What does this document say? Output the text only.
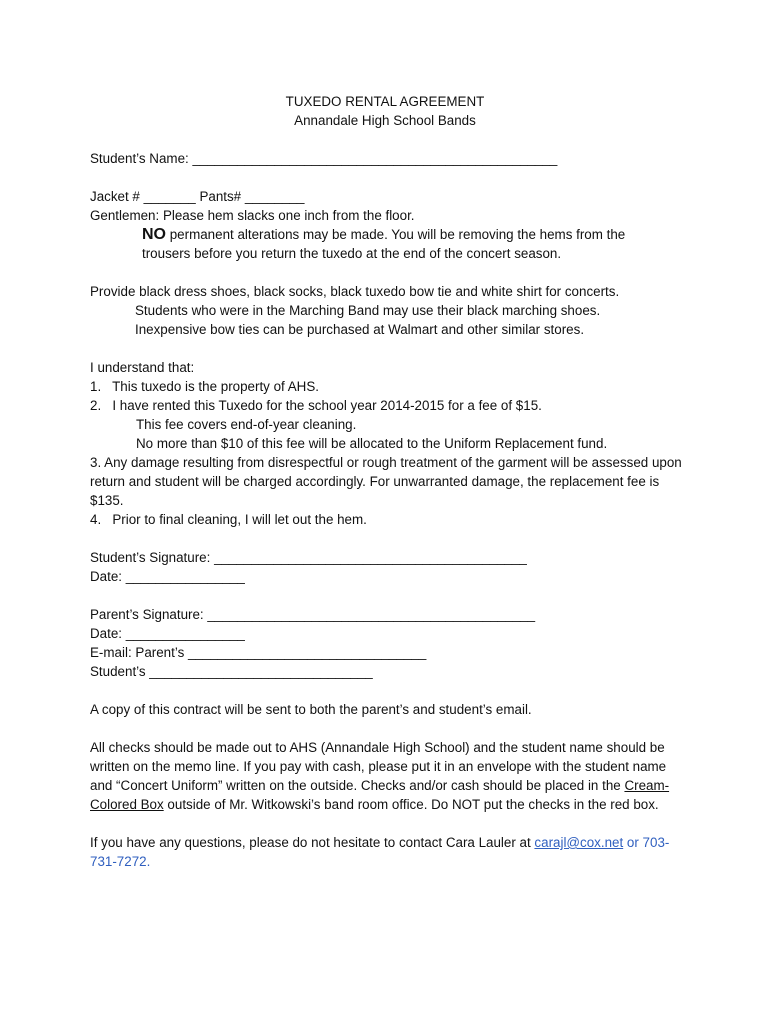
TUXEDO RENTAL AGREEMENT
Annandale High School Bands
Student’s Name: _________________________________________________
Jacket # _______ Pants# ________
Gentlemen: Please hem slacks one inch from the floor.
NO permanent alterations may be made. You will be removing the hems from the
trousers before you return the tuxedo at the end of the concert season.
Provide black dress shoes, black socks, black tuxedo bow tie and white shirt for concerts.
Students who were in the Marching Band may use their black marching shoes.
Inexpensive bow ties can be purchased at Walmart and other similar stores.
I understand that:
1.   This tuxedo is the property of AHS.
2.   I have rented this Tuxedo for the school year 2014-2015 for a fee of $15.
This fee covers end-of-year cleaning.
No more than $10 of this fee will be allocated to the Uniform Replacement fund.
3. Any damage resulting from disrespectful or rough treatment of the garment will be assessed upon return and student will be charged accordingly. For unwarranted damage, the replacement fee is $135.
4.   Prior to final cleaning, I will let out the hem.
Student’s Signature: __________________________________________
Date: ________________
Parent’s Signature: ____________________________________________
Date: ________________
E-mail: Parent’s ________________________________
Student’s ______________________________
A copy of this contract will be sent to both the parent’s and student’s email.
All checks should be made out to AHS (Annandale High School) and the student name should be written on the memo line. If you pay with cash, please put it in an envelope with the student name and “Concert Uniform” written on the outside. Checks and/or cash should be placed in the Cream-Colored Box outside of Mr. Witkowski’s band room office. Do NOT put the checks in the red box.
If you have any questions, please do not hesitate to contact Cara Lauler at carajl@cox.net or 703-731-7272.
